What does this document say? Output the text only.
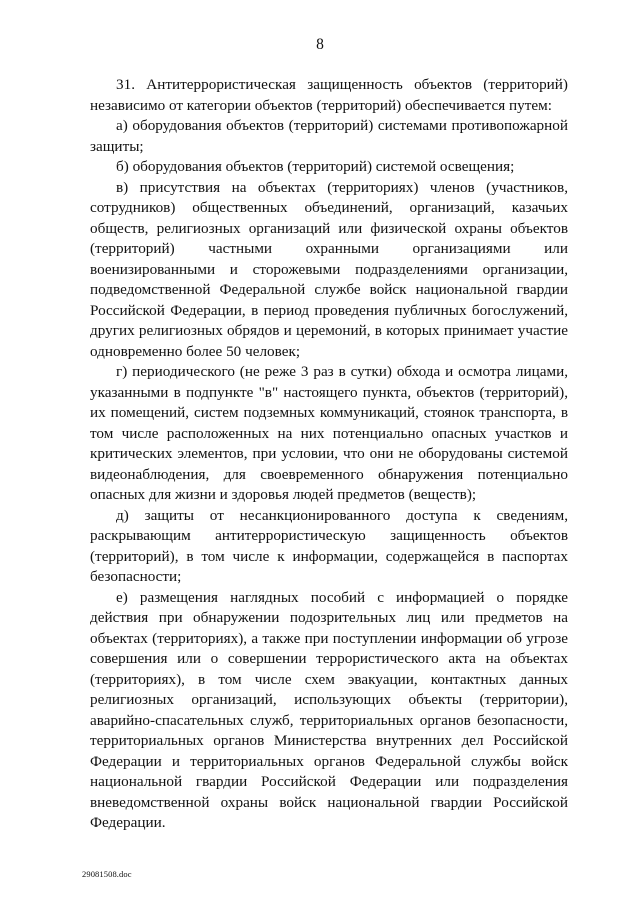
8

31. Антитеррористическая защищенность объектов (территорий) независимо от категории объектов (территорий) обеспечивается путем:

а) оборудования объектов (территорий) системами противопожарной защиты;

б) оборудования объектов (территорий) системой освещения;

в) присутствия на объектах (территориях) членов (участников, сотрудников) общественных объединений, организаций, казачьих обществ, религиозных организаций или физической охраны объектов (территорий) частными охранными организациями или военизированными и сторожевыми подразделениями организации, подведомственной Федеральной службе войск национальной гвардии Российской Федерации, в период проведения публичных богослужений, других религиозных обрядов и церемоний, в которых принимает участие одновременно более 50 человек;

г) периодического (не реже 3 раз в сутки) обхода и осмотра лицами, указанными в подпункте "в" настоящего пункта, объектов (территорий), их помещений, систем подземных коммуникаций, стоянок транспорта, в том числе расположенных на них потенциально опасных участков и критических элементов, при условии, что они не оборудованы системой видеонаблюдения, для своевременного обнаружения потенциально опасных для жизни и здоровья людей предметов (веществ);

д) защиты от несанкционированного доступа к сведениям, раскрывающим антитеррористическую защищенность объектов (территорий), в том числе к информации, содержащейся в паспортах безопасности;

е) размещения наглядных пособий с информацией о порядке действия при обнаружении подозрительных лиц или предметов на объектах (территориях), а также при поступлении информации об угрозе совершения или о совершении террористического акта на объектах (территориях), в том числе схем эвакуации, контактных данных религиозных организаций, использующих объекты (территории), аварийно-спасательных служб, территориальных органов безопасности, территориальных органов Министерства внутренних дел Российской Федерации и территориальных органов Федеральной службы войск национальной гвардии Российской Федерации или подразделения вневедомственной охраны войск национальной гвардии Российской Федерации.

29081508.doc
